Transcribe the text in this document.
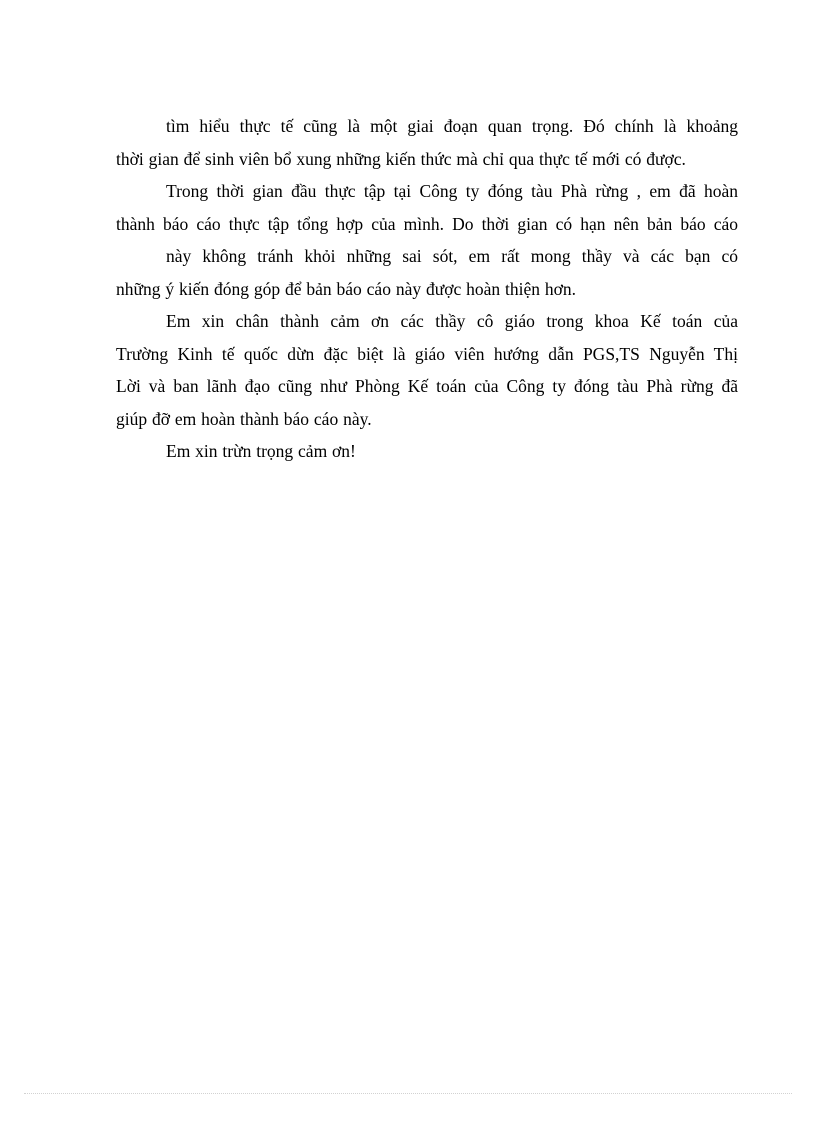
tìm hiểu thực tế cũng là một giai đoạn quan trọng. Đó chính là khoảng
thời gian để sinh viên bổ xung những kiến thức mà chỉ qua thực tế mới có được.
Trong thời gian đầu thực tập tại Công ty đóng tàu Phà rừng , em đã hoàn
thành báo cáo thực tập tổng hợp của mình. Do thời gian có hạn nên bản báo cáo
này không tránh khỏi những sai sót, em rất mong thầy và các bạn có
những ý kiến đóng góp để bản báo cáo này được hoàn thiện hơn.
Em xin chân thành cảm ơn các thầy cô giáo trong khoa Kế toán của
Trường Kinh tế quốc dừn đặc biệt là giáo viên hướng dẫn PGS,TS Nguyễn Thị
Lời và ban lãnh đạo cũng như Phòng Kế toán của Công ty đóng tàu Phà rừng đã
giúp đỡ em hoàn thành báo cáo này.
Em xin trừn trọng cảm ơn!
